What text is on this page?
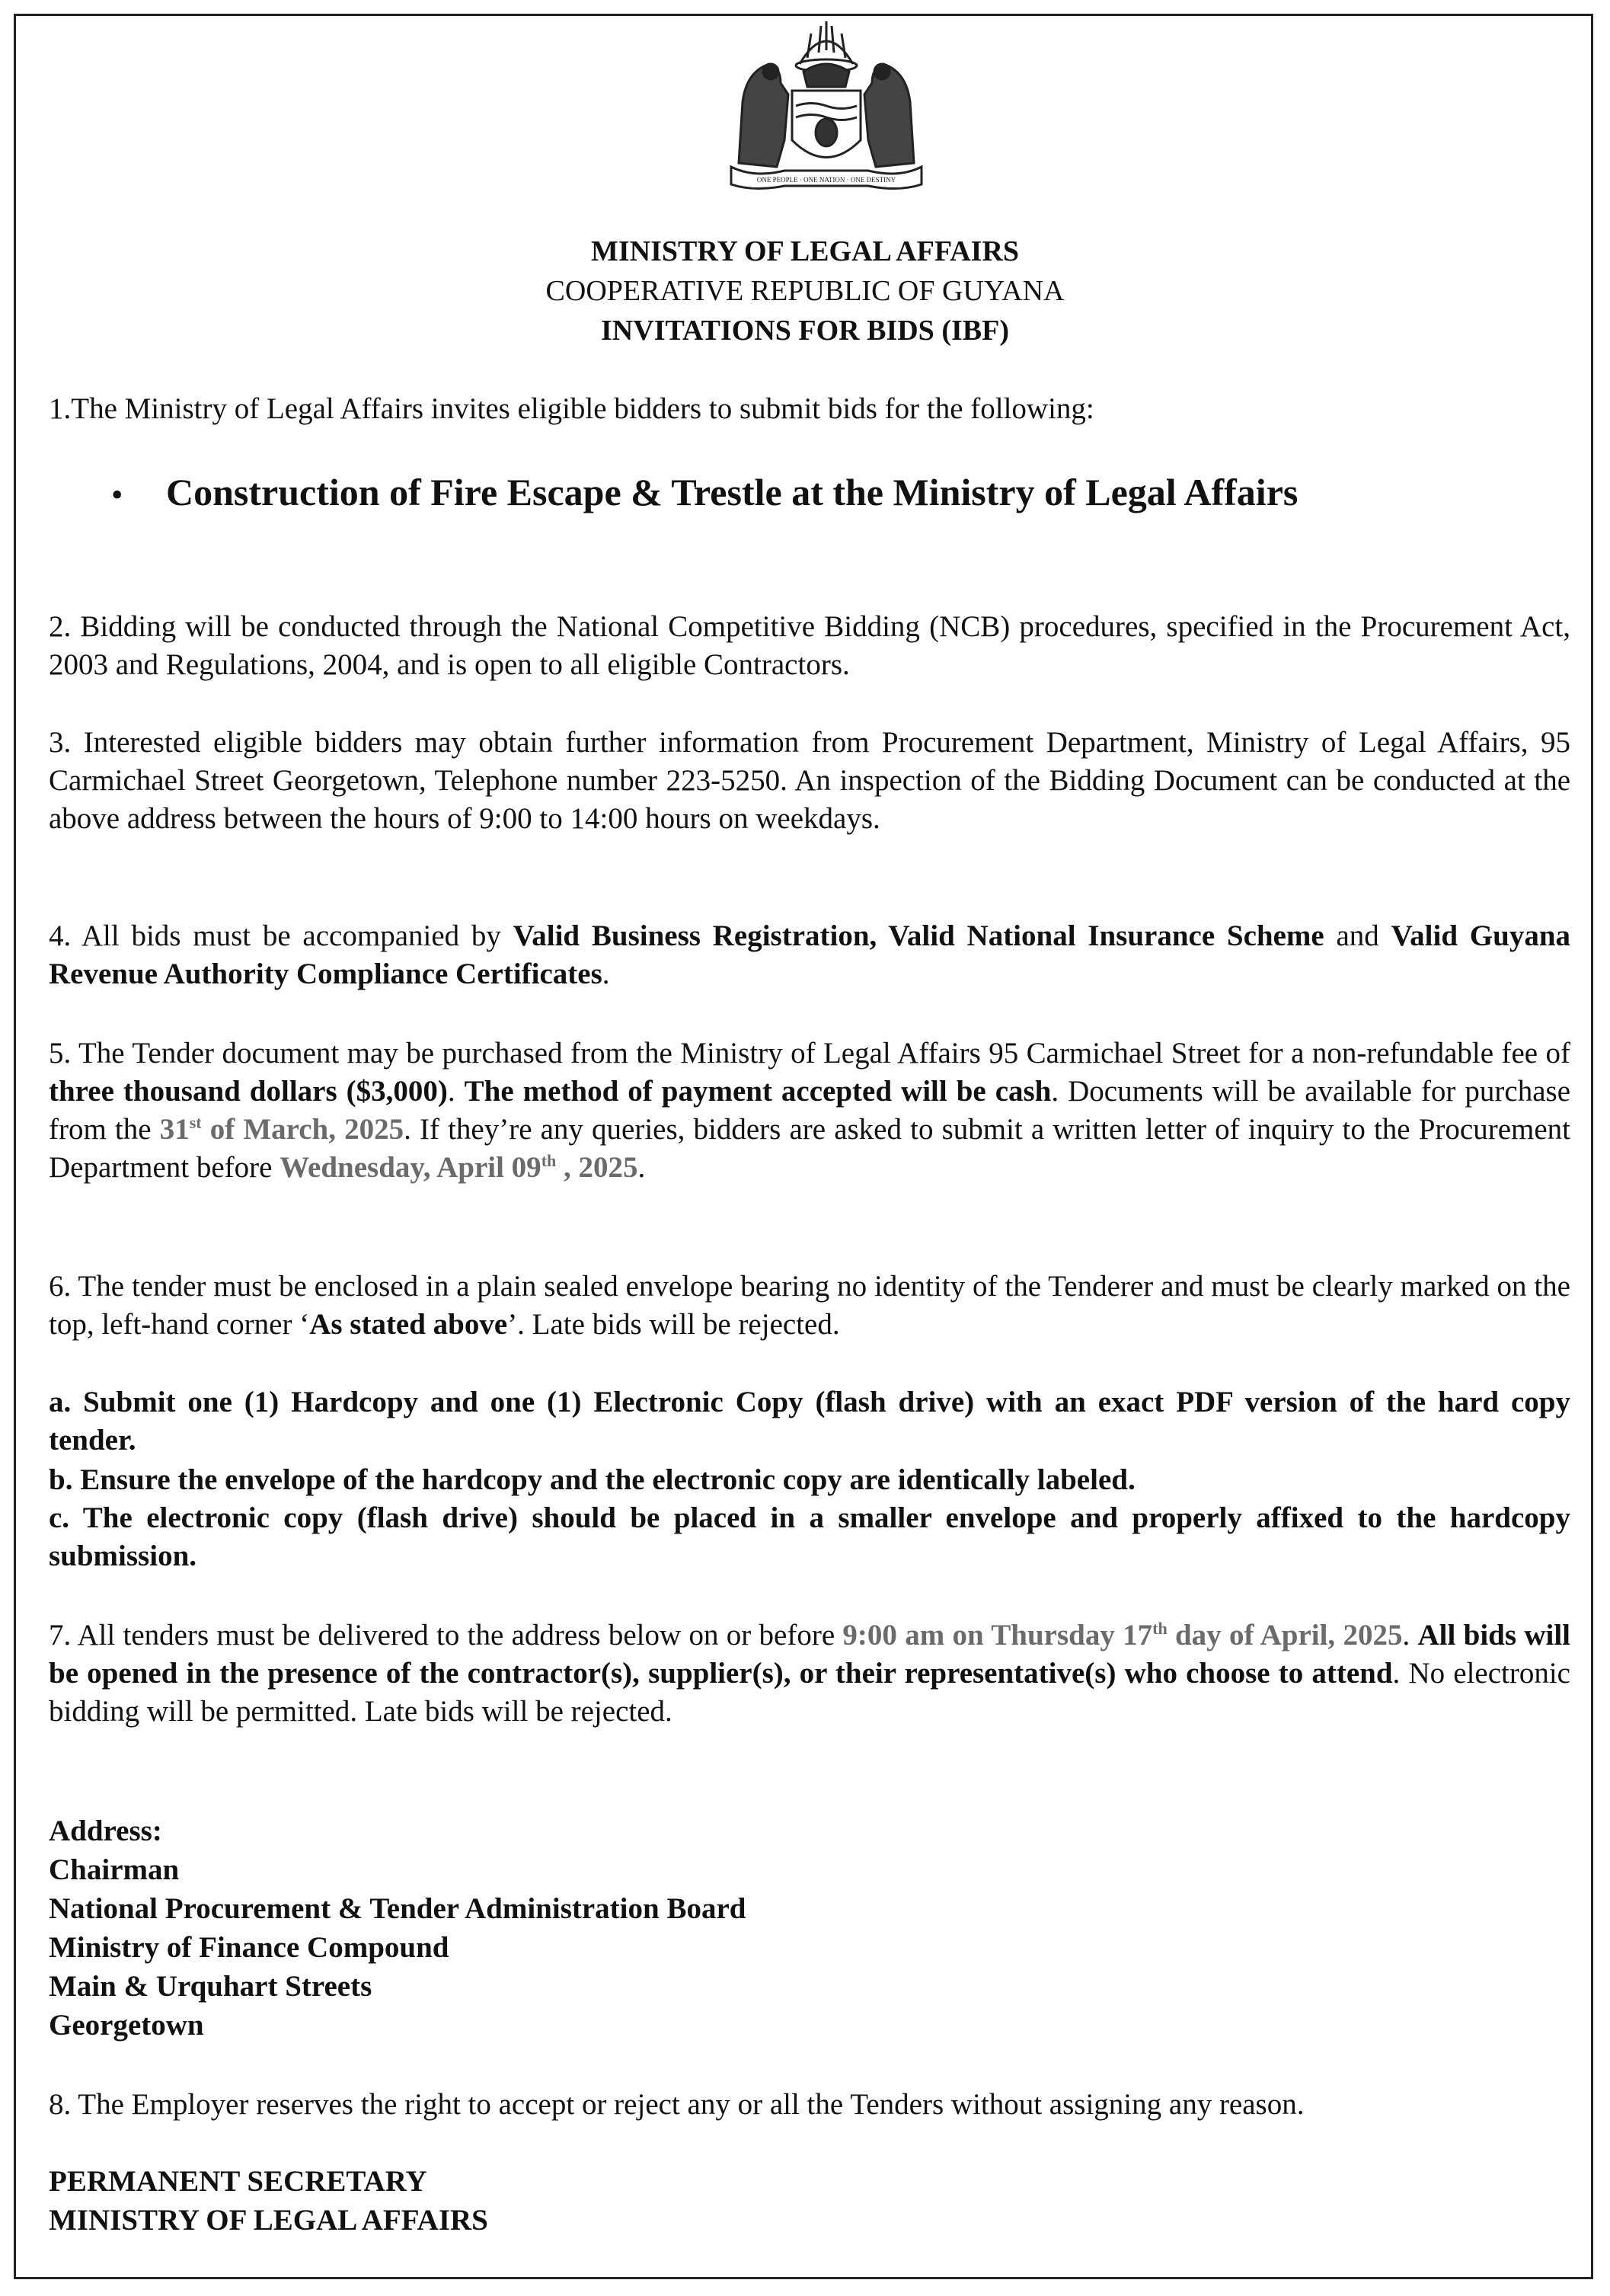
ONE PEOPLE · ONE NATION · ONE DESTINY
MINISTRY OF LEGAL AFFAIRS
COOPERATIVE REPUBLIC OF GUYANA
INVITATIONS FOR BIDS (IBF)

1.The Ministry of Legal Affairs invites eligible bidders to submit bids for the following:

• Construction of Fire Escape & Trestle at the Ministry of Legal Affairs

2. Bidding will be conducted through the National Competitive Bidding (NCB) procedures, specified in the Procurement Act, 2003 and Regulations, 2004, and is open to all eligible Contractors.

3. Interested eligible bidders may obtain further information from Procurement Department, Ministry of Legal Affairs, 95 Carmichael Street Georgetown, Telephone number 223-5250. An inspection of the Bidding Document can be conducted at the above address between the hours of 9:00 to 14:00 hours on weekdays.

4. All bids must be accompanied by Valid Business Registration, Valid National Insurance Scheme and Valid Guyana Revenue Authority Compliance Certificates.

5. The Tender document may be purchased from the Ministry of Legal Affairs 95 Carmichael Street for a non-refundable fee of three thousand dollars ($3,000). The method of payment accepted will be cash. Documents will be available for purchase from the 31st of March, 2025. If they’re any queries, bidders are asked to submit a written letter of inquiry to the Procurement Department before Wednesday, April 09th , 2025.

6. The tender must be enclosed in a plain sealed envelope bearing no identity of the Tenderer and must be clearly marked on the top, left-hand corner ‘As stated above’. Late bids will be rejected.

a. Submit one (1) Hardcopy and one (1) Electronic Copy (flash drive) with an exact PDF version of the hard copy tender.

b. Ensure the envelope of the hardcopy and the electronic copy are identically labeled.

c. The electronic copy (flash drive) should be placed in a smaller envelope and properly affixed to the hardcopy submission.

7. All tenders must be delivered to the address below on or before 9:00 am on Thursday 17th day of April, 2025. All bids will be opened in the presence of the contractor(s), supplier(s), or their representative(s) who choose to attend. No electronic bidding will be permitted. Late bids will be rejected.

Address:
Chairman
National Procurement & Tender Administration Board
Ministry of Finance Compound
Main & Urquhart Streets
Georgetown

8. The Employer reserves the right to accept or reject any or all the Tenders without assigning any reason.

PERMANENT SECRETARY
MINISTRY OF LEGAL AFFAIRS
